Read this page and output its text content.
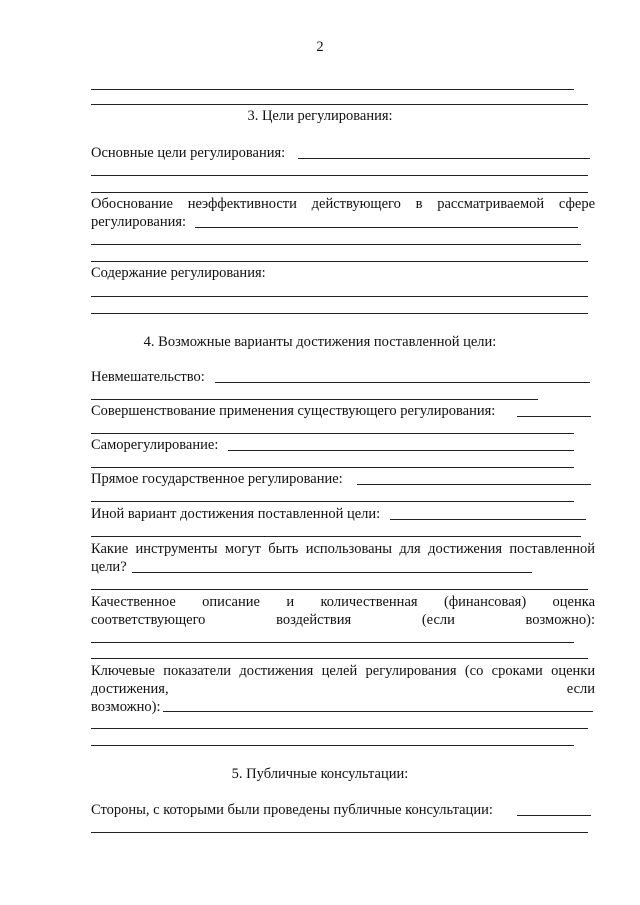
2
3. Цели регулирования:
Основные цели регулирования:
Обоснование неэффективности действующего в рассматриваемой сфере
регулирования:
Содержание регулирования:
4. Возможные варианты достижения поставленной цели:
Невмешательство:
Совершенствование применения существующего регулирования:
Саморегулирование:
Прямое государственное регулирование:
Иной вариант достижения поставленной цели:
Какие инструменты могут быть использованы для достижения поставленной
цели?
Качественное описание и количественная (финансовая) оценка
соответствующего	воздействия	(если	возможно):
Ключевые показатели достижения целей регулирования (со сроками оценки
достижения,	если
возможно):
5. Публичные консультации:
Стороны, с которыми были проведены публичные консультации:
